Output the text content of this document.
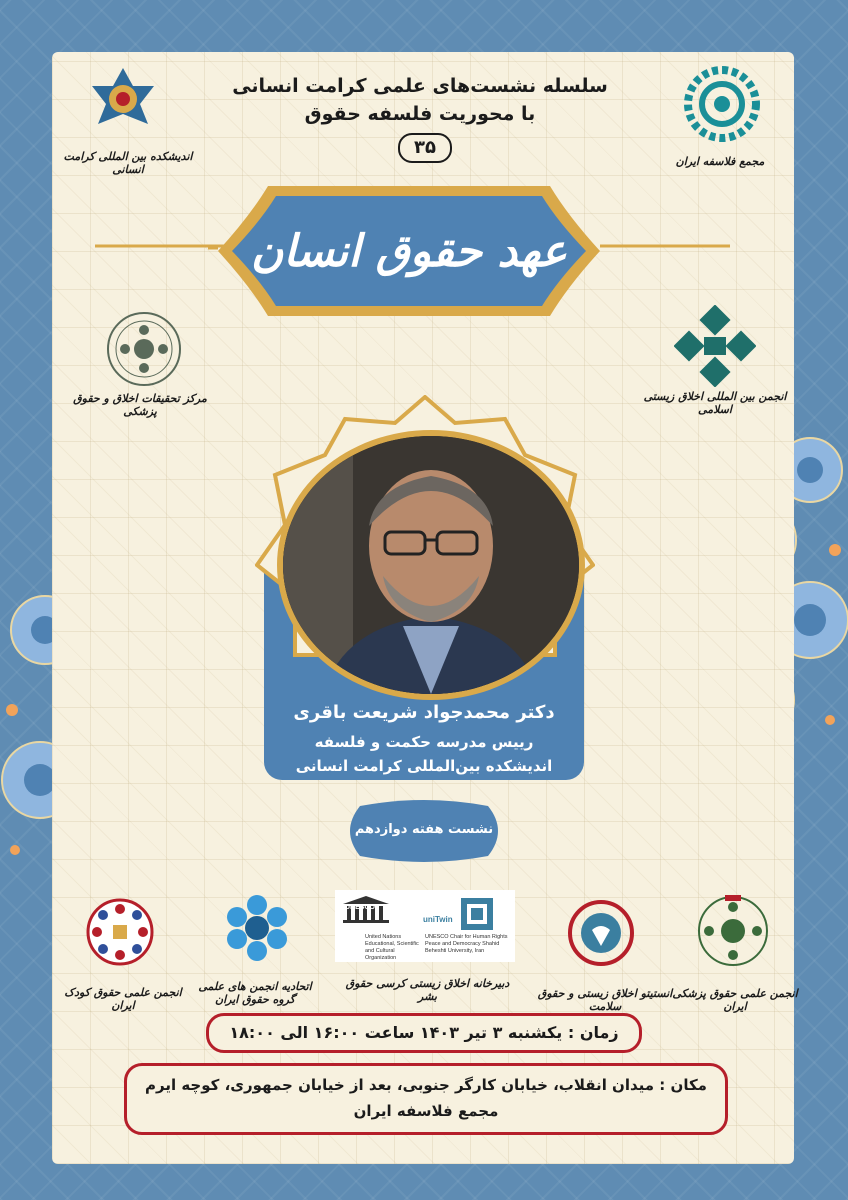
سلسله نشست‌های علمی کرامت انسانی
با محوریت فلسفه حقوق
۳۵
اندیشکده بین المللی کرامت انسانی
مجمع فلاسفه ایران
مرکز تحقیقات اخلاق و حقوق پزشکی
انجمن بین المللی اخلاق زیستی اسلامی
عهد حقوق انسان
دکتر محمدجواد شریعت باقری
رییس مدرسه حکمت و فلسفه
اندیشکده بین‌المللی کرامت انسانی
نشست هفته دوازدهم
انجمن علمی حقوق پزشکی ایران
انستیتو اخلاق زیستی و حقوق سلامت
UNESCO
United Nations Educational, Scientific and Cultural Organization
uniTwin
UNESCO Chair for Human Rights Peace and Democracy Shahid Beheshti University, Iran
دبیرخانه اخلاق زیستی کرسی حقوق بشر
اتحادیه انجمن های علمی گروه حقوق ایران
انجمن علمی حقوق کودک ایران
زمان : یکشنبه ۳ تیر ۱۴۰۳ ساعت ۱۶:۰۰ الی ۱۸:۰۰
مکان : میدان انقلاب، خیابان کارگر جنوبی، بعد از خیابان جمهوری، کوچه ایرم
مجمع فلاسفه ایران
